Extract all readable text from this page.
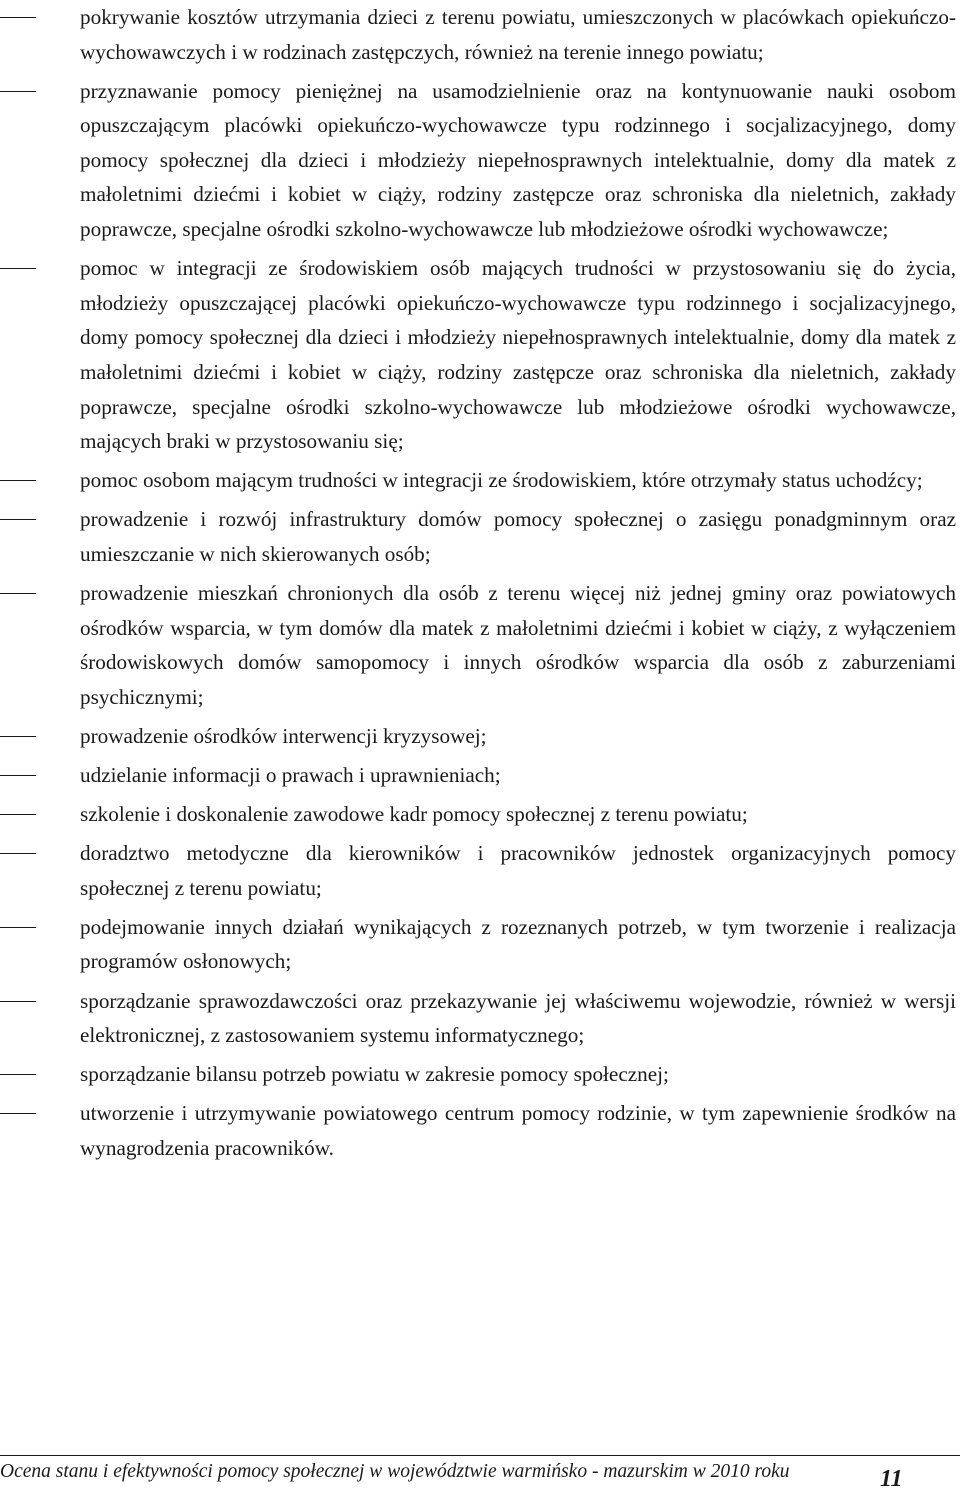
pokrywanie kosztów utrzymania dzieci z terenu powiatu, umieszczonych w placówkach opiekuńczo-wychowawczych i w rodzinach zastępczych, również na terenie innego powiatu;
przyznawanie pomocy pieniężnej na usamodzielnienie oraz na kontynuowanie nauki osobom opuszczającym placówki opiekuńczo-wychowawcze typu rodzinnego i socjalizacyjnego, domy pomocy społecznej dla dzieci i młodzieży niepełnosprawnych intelektualnie, domy dla matek z małoletnimi dziećmi i kobiet w ciąży, rodziny zastępcze oraz schroniska dla nieletnich, zakłady poprawcze, specjalne ośrodki szkolno-wychowawcze lub młodzieżowe ośrodki wychowawcze;
pomoc w integracji ze środowiskiem osób mających trudności w przystosowaniu się do życia, młodzieży opuszczającej placówki opiekuńczo-wychowawcze typu rodzinnego i socjalizacyjnego, domy pomocy społecznej dla dzieci i młodzieży niepełnosprawnych intelektualnie, domy dla matek z małoletnimi dziećmi i kobiet w ciąży, rodziny zastępcze oraz schroniska dla nieletnich, zakłady poprawcze, specjalne ośrodki szkolno-wychowawcze lub młodzieżowe ośrodki wychowawcze, mających braki w przystosowaniu się;
pomoc osobom mającym trudności w integracji ze środowiskiem, które otrzymały status uchodźcy;
prowadzenie i rozwój infrastruktury domów pomocy społecznej o zasięgu ponadgminnym oraz umieszczanie w nich skierowanych osób;
prowadzenie mieszkań chronionych dla osób z terenu więcej niż jednej gminy oraz powiatowych ośrodków wsparcia, w tym domów dla matek z małoletnimi dziećmi i kobiet w ciąży, z wyłączeniem środowiskowych domów samopomocy i innych ośrodków wsparcia dla osób z zaburzeniami psychicznymi;
prowadzenie ośrodków interwencji kryzysowej;
udzielanie informacji o prawach i uprawnieniach;
szkolenie i doskonalenie zawodowe kadr pomocy społecznej z terenu powiatu;
doradztwo metodyczne dla kierowników i pracowników jednostek organizacyjnych pomocy społecznej z terenu powiatu;
podejmowanie innych działań wynikających z rozeznanych potrzeb, w tym tworzenie i realizacja programów osłonowych;
sporządzanie sprawozdawczości oraz przekazywanie jej właściwemu wojewodzie, również w wersji elektronicznej, z zastosowaniem systemu informatycznego;
sporządzanie bilansu potrzeb powiatu w zakresie pomocy społecznej;
utworzenie i utrzymywanie powiatowego centrum pomocy rodzinie, w tym zapewnienie środków na wynagrodzenia pracowników.
Ocena stanu i efektywności pomocy społecznej w województwie warmińsko - mazurskim w 2010 roku	11
